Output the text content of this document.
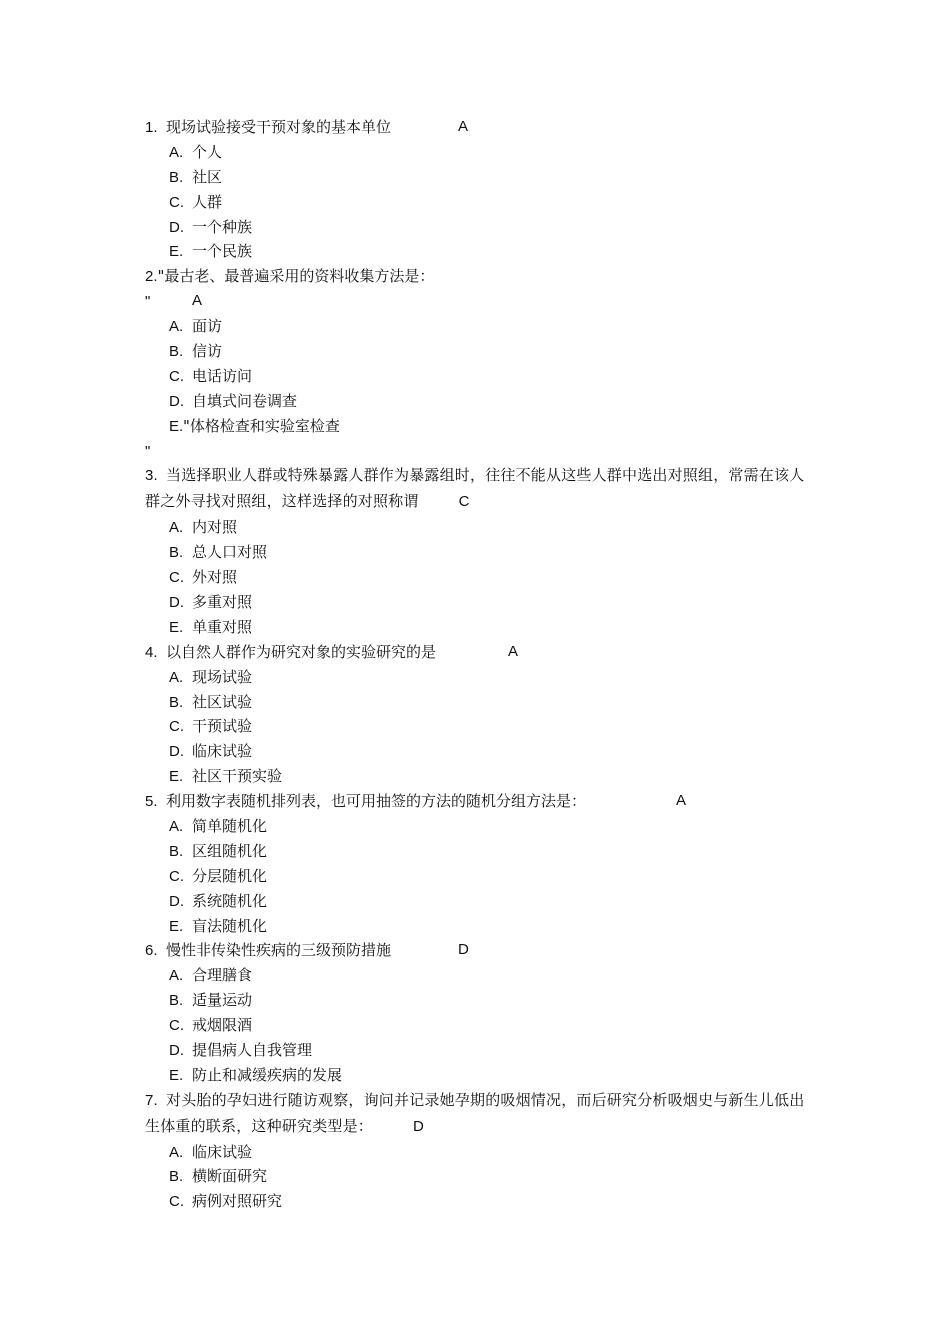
1. 现场试验接受干预对象的基本单位	A
A. 个人
B. 社区
C. 人群
D. 一个种族
E. 一个民族
2."最古老、最普遍采用的资料收集方法是：
"	A
A. 面访
B. 信访
C. 电话访问
D. 自填式问卷调查
E."体格检查和实验室检查
"
3. 当选择职业人群或特殊暴露人群作为暴露组时，往往不能从这些人群中选出对照组，常需在该人群之外寻找对照组，这样选择的对照称谓	C
A. 内对照
B. 总人口对照
C. 外对照
D. 多重对照
E. 单重对照
4. 以自然人群作为研究对象的实验研究的是	A
A. 现场试验
B. 社区试验
C. 干预试验
D. 临床试验
E. 社区干预实验
5. 利用数字表随机排列表，也可用抽签的方法的随机分组方法是：	A
A. 简单随机化
B. 区组随机化
C. 分层随机化
D. 系统随机化
E. 盲法随机化
6. 慢性非传染性疾病的三级预防措施	D
A. 合理膳食
B. 适量运动
C. 戒烟限酒
D. 提倡病人自我管理
E. 防止和减缓疾病的发展
7. 对头胎的孕妇进行随访观察，询问并记录她孕期的吸烟情况，而后研究分析吸烟史与新生儿低出生体重的联系，这种研究类型是：	D
A. 临床试验
B. 横断面研究
C. 病例对照研究
